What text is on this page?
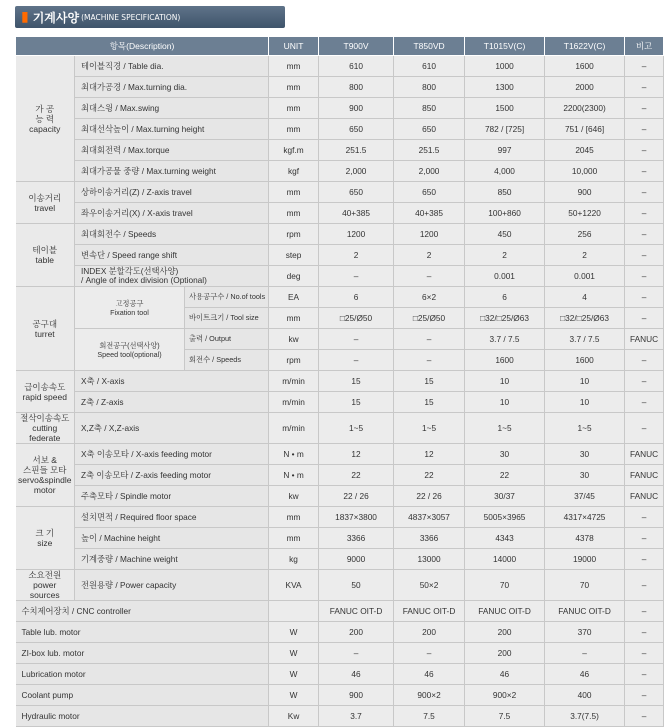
▮ 기계사양 (MACHINE SPECIFICATION)
항목(Description)			UNIT	T900V	T850VD	T1015V(C)	T1622V(C)	비고
가 공
능 력
capacity	테이블직경 / Table dia.		mm	610	610	1000	1600	–
	최대가공경 / Max.turning dia.		mm	800	800	1300	2000	–
	최대스윙 / Max.swing		mm	900	850	1500	2200(2300)	–
	최대선삭높이 / Max.turning height		mm	650	650	782 / [725]	751 / [646]	–
	최대회전력 / Max.torque		kgf.m	251.5	251.5	997	2045	–
	최대가공물 중량 / Max.turning weight		kgf	2,000	2,000	4,000	10,000	–
이송거리
travel	상하이송거리(Z) / Z-axis travel		mm	650	650	850	900	–
	좌우이송거리(X) / X-axis travel		mm	40+385	40+385	100+860	50+1220	–
테이블
table	최대회전수 / Speeds		rpm	1200	1200	450	256	–
	변속단 / Speed range shift		step	2	2	2	2	–
	INDEX 분할각도(선택사양)
/ Angle of index division (Optional)		deg	–	–	0.001	0.001	–
공구대
turret	고정공구
Fixation tool	사용공구수 / No.of tools	EA	6	6×2	6	4	–
		바이트크기 / Tool size	mm	□25/Ø50	□25/Ø50	□32/□25/Ø63	□32/□25/Ø63	–
	회전공구(선택사양)
Speed tool(optional)	출력 / Output	kw	–	–	3.7 / 7.5	3.7 / 7.5	FANUC
		회전수 / Speeds	rpm	–	–	1600	1600	–
급이송속도
rapid speed	X축 / X-axis		m/min	15	15	10	10	–
	Z축 / Z-axis		m/min	15	15	10	10	–
절삭이송속도
cutting federate	X,Z축 / X,Z-axis		m/min	1~5	1~5	1~5	1~5	–
서보 &
스핀들 모타
servo&spindle
motor	X축 이송모타 / X-axis feeding motor		N • m	12	12	30	30	FANUC
	Z축 이송모타 / Z-axis feeding motor		N • m	22	22	22	30	FANUC
	주축모타 / Spindle motor		kw	22 / 26	22 / 26	30/37	37/45	FANUC
크 기
size	설치면적 / Required floor space		mm	1837×3800	4837×3057	5005×3965	4317×4725	–
	높이 / Machine height		mm	3366	3366	4343	4378	–
	기계중량 / Machine weight		kg	9000	13000	14000	19000	–
소요전원
power sources	전원용량 / Power capacity		KVA	50	50×2	70	70	–
수치제어장치 / CNC controller				FANUC OIT-D	FANUC OIT-D	FANUC OIT-D	FANUC OIT-D	–
Table lub. motor			W	200	200	200	370	–
ZI-box lub. motor			W	–	–	200	–	–
Lubrication motor			W	46	46	46	46	–
Coolant pump			W	900	900×2	900×2	400	–
Hydraulic motor			Kw	3.7	7.5	7.5	3.7(7.5)	–
